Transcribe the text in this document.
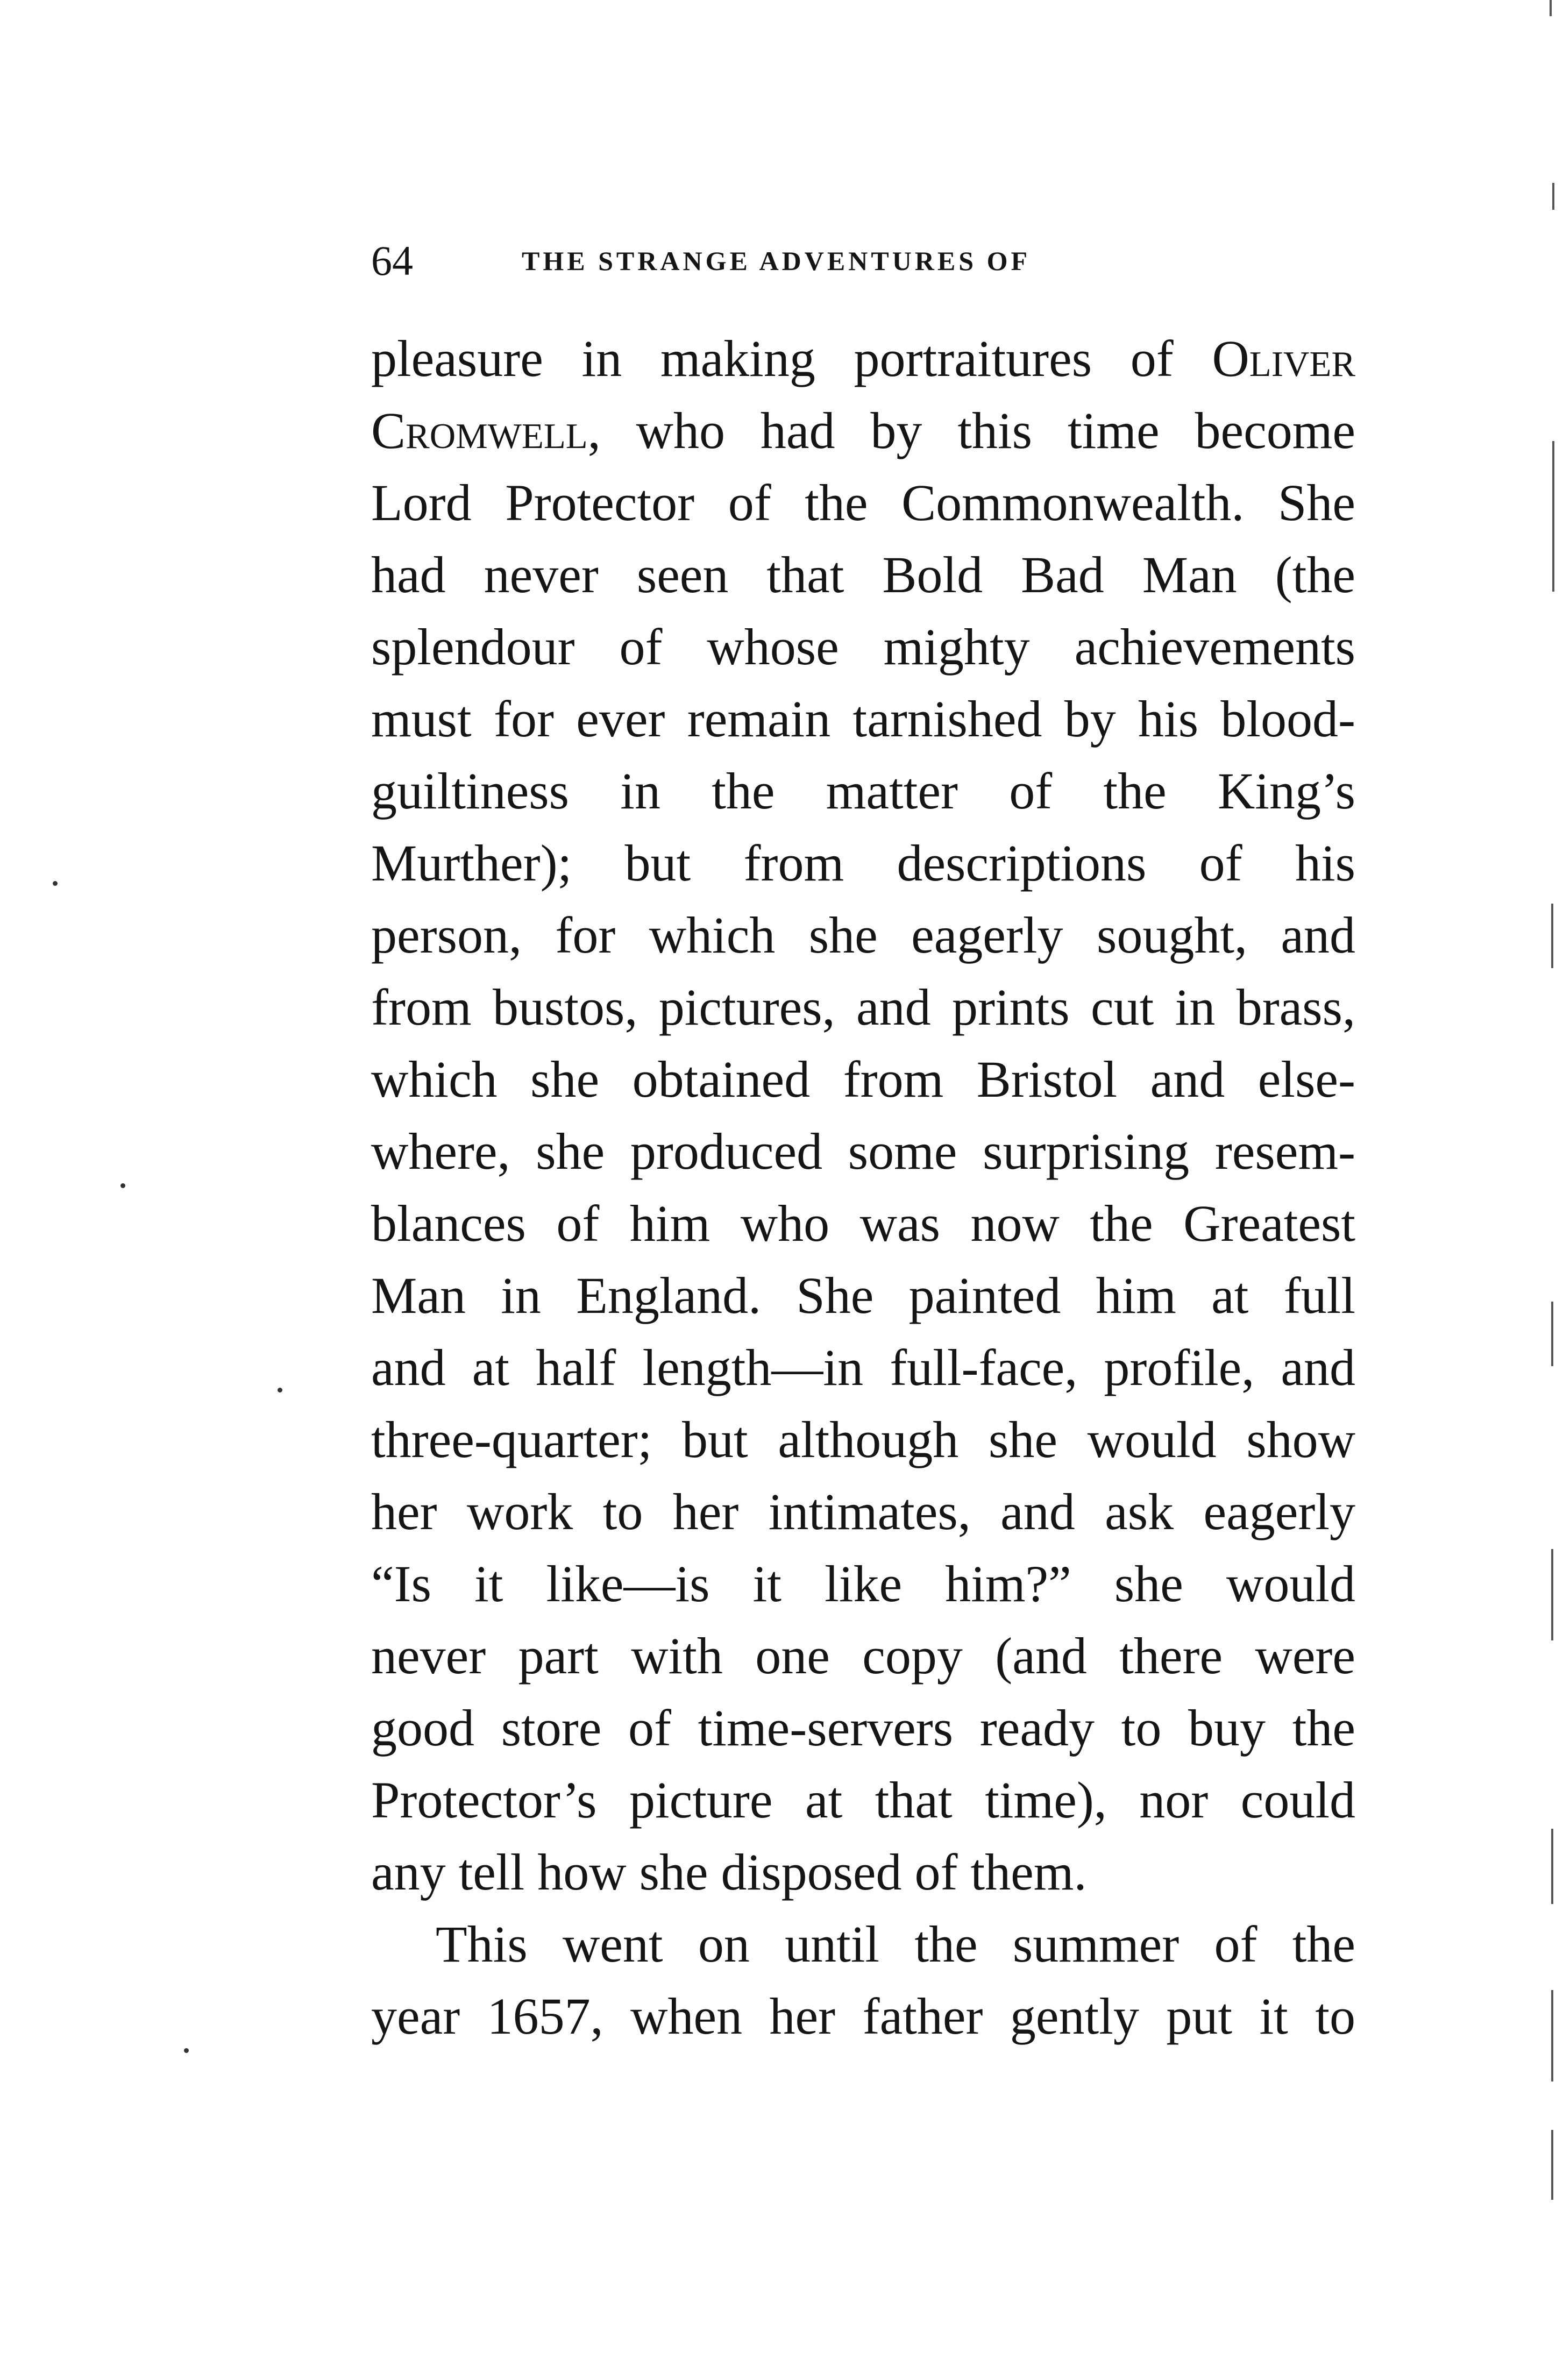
64	THE STRANGE ADVENTURES OF
pleasure in making portraitures of Oliver
Cromwell, who had by this time become
Lord Protector of the Commonwealth. She
had never seen that Bold Bad Man (the
splendour of whose mighty achievements
must for ever remain tarnished by his blood-
guiltiness in the matter of the King’s
Murther); but from descriptions of his
person, for which she eagerly sought, and
from bustos, pictures, and prints cut in brass,
which she obtained from Bristol and else-
where, she produced some surprising resem-
blances of him who was now the Greatest
Man in England. She painted him at full
and at half length—in full-face, profile, and
three-quarter; but although she would show
her work to her intimates, and ask eagerly
“Is it like—is it like him?” she would
never part with one copy (and there were
good store of time-servers ready to buy the
Protector’s picture at that time), nor could
any tell how she disposed of them.
This went on until the summer of the
year 1657, when her father gently put it to
